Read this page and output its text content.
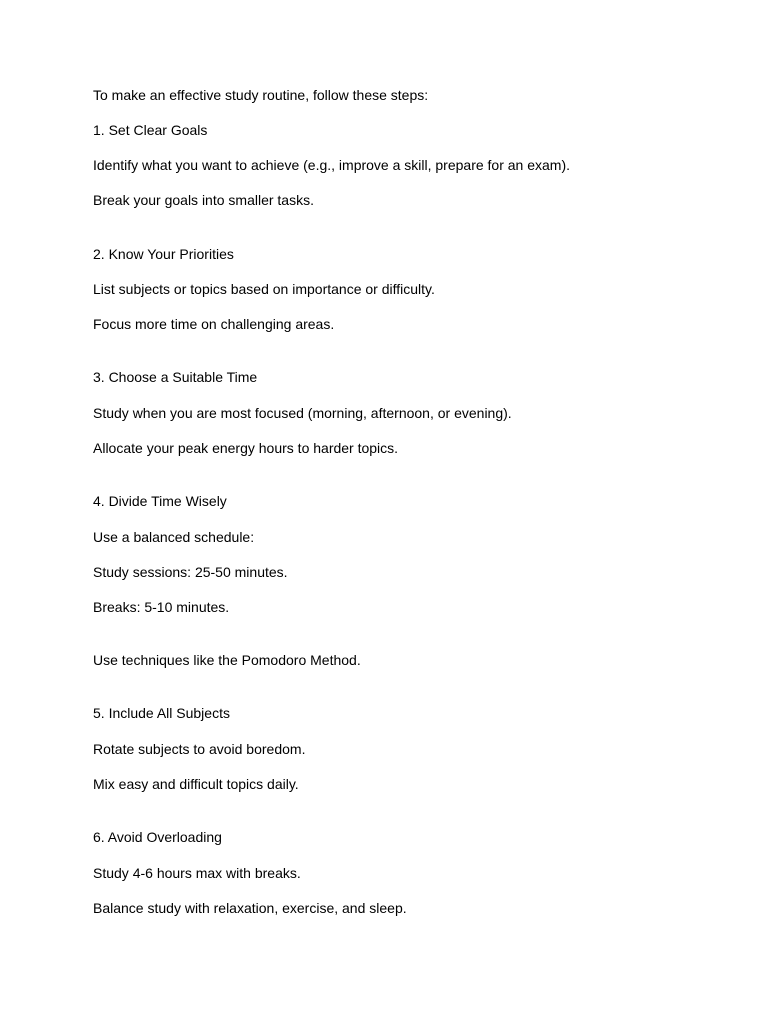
To make an effective study routine, follow these steps:
1. Set Clear Goals
Identify what you want to achieve (e.g., improve a skill, prepare for an exam).
Break your goals into smaller tasks.
2. Know Your Priorities
List subjects or topics based on importance or difficulty.
Focus more time on challenging areas.
3. Choose a Suitable Time
Study when you are most focused (morning, afternoon, or evening).
Allocate your peak energy hours to harder topics.
4. Divide Time Wisely
Use a balanced schedule:
Study sessions: 25-50 minutes.
Breaks: 5-10 minutes.
Use techniques like the Pomodoro Method.
5. Include All Subjects
Rotate subjects to avoid boredom.
Mix easy and difficult topics daily.
6. Avoid Overloading
Study 4-6 hours max with breaks.
Balance study with relaxation, exercise, and sleep.
